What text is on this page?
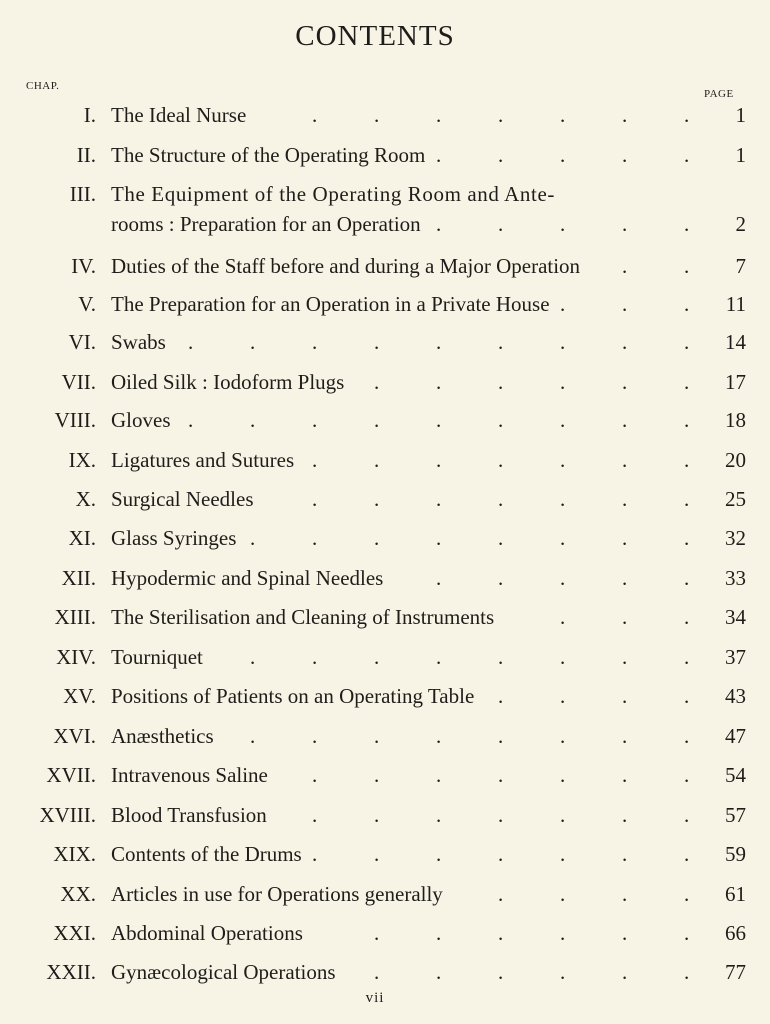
CONTENTS
CHAP.
PAGE
I. The Ideal Nurse	1
.
.
.
.
.
.
.
II. The Structure of the Operating Room	1
.
.
.
.
.
III. The Equipment of the Operating Room and Ante-
rooms : Preparation for an Operation	2
.
.
.
.
.
IV. Duties of the Staff before and during a Major Operation	7
.
.
V. The Preparation for an Operation in a Private House	11
.
.
.
VI. Swabs	14
.
.
.
.
.
.
.
.
.
VII. Oiled Silk : Iodoform Plugs	17
.
.
.
.
.
.
VIII. Gloves	18
.
.
.
.
.
.
.
.
.
IX. Ligatures and Sutures	20
.
.
.
.
.
.
.
X. Surgical Needles	25
.
.
.
.
.
.
.
XI. Glass Syringes	32
.
.
.
.
.
.
.
.
XII. Hypodermic and Spinal Needles	33
.
.
.
.
.
XIII. The Sterilisation and Cleaning of Instruments	34
.
.
.
XIV. Tourniquet	37
.
.
.
.
.
.
.
.
XV. Positions of Patients on an Operating Table	43
.
.
.
.
XVI. Anæsthetics	47
.
.
.
.
.
.
.
.
XVII. Intravenous Saline	54
.
.
.
.
.
.
.
XVIII. Blood Transfusion	57
.
.
.
.
.
.
.
XIX. Contents of the Drums	59
.
.
.
.
.
.
.
XX. Articles in use for Operations generally	61
.
.
.
.
XXI. Abdominal Operations	66
.
.
.
.
.
.
XXII. Gynæcological Operations	77
.
.
.
.
.
.
vii
